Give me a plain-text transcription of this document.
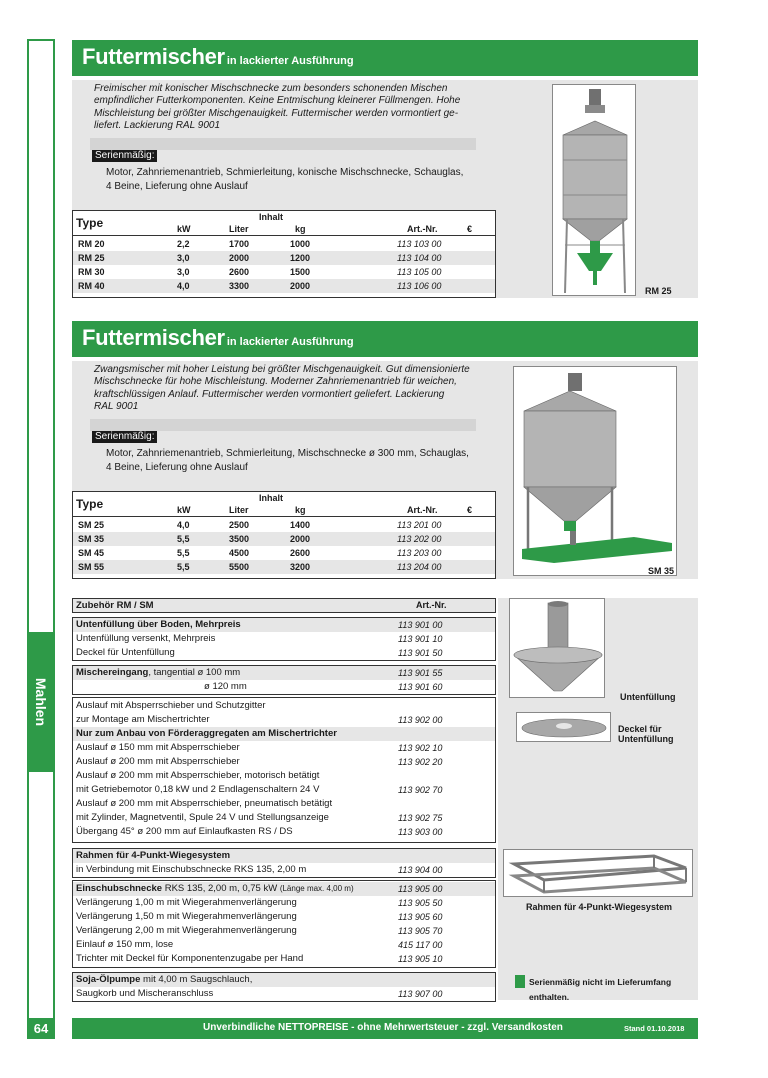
Mahlen
64
Futtermischer in lackierter Ausführung
Freimischer mit konischer Mischschnecke zum besonders schonenden Mischen
empfindlicher Futterkomponenten. Keine Entmischung kleinerer Füllmengen. Hohe
Mischleistung bei größter Mischgenauigkeit. Futtermischer werden vormontiert ge-
liefert. Lackierung RAL 9001
Serienmäßig:
Motor, Zahnriemenantrieb, Schmierleitung, konische Mischschnecke, Schauglas,
4 Beine, Lieferung ohne Auslauf
Type	Inhalt
kW	Liter	kg	Art.-Nr.	€
RM 20	2,2	1700	1000	113 103 00
RM 25	3,0	2000	1200	113 104 00
RM 30	3,0	2600	1500	113 105 00
RM 40	4,0	3300	2000	113 106 00	RM 25
Futtermischer in lackierter Ausführung
Zwangsmischer mit hoher Leistung bei größter Mischgenauigkeit. Gut dimensionierte
Mischschnecke für hohe Mischleistung. Moderner Zahnriemenantrieb für weichen,
kraftschlüssigen Anlauf. Futtermischer werden vormontiert geliefert. Lackierung
RAL 9001
Serienmäßig:
Motor, Zahnriemenantrieb, Schmierleitung, Mischschnecke ø 300 mm, Schauglas,
4 Beine, Lieferung ohne Auslauf
Type	Inhalt
kW	Liter	kg	Art.-Nr.	€
SM 25	4,0	2500	1400	113 201 00
SM 35	5,5	3500	2000	113 202 00
SM 45	5,5	4500	2600	113 203 00
SM 55	5,5	5500	3200	113 204 00	SM 35
Zubehör RM / SM	Art.-Nr.
Untenfüllung über Boden, Mehrpreis	113 901 00
Untenfüllung versenkt, Mehrpreis	113 901 10
Deckel für Untenfüllung	113 901 50
Mischereingang, tangential ø 100 mm	113 901 55
ø 120 mm	113 901 60
Auslauf mit Absperrschieber und Schutzgitter
zur Montage am Mischertrichter	113 902 00
Nur zum Anbau von Förderaggregaten am Mischertrichter
Auslauf ø 150 mm mit Absperrschieber	113 902 10
Auslauf ø 200 mm mit Absperrschieber	113 902 20
Auslauf ø 200 mm mit Absperrschieber, motorisch betätigt
mit Getriebemotor 0,18 kW und 2 Endlagenschaltern 24 V	113 902 70
Auslauf ø 200 mm mit Absperrschieber, pneumatisch betätigt
mit Zylinder, Magnetventil, Spule 24 V und Stellungsanzeige	113 902 75
Übergang 45° ø 200 mm auf Einlaufkasten RS / DS	113 903 00
Rahmen für 4-Punkt-Wiegesystem
in Verbindung mit Einschubschnecke RKS 135, 2,00 m	113 904 00
Einschubschnecke RKS 135, 2,00 m, 0,75 kW (Länge max. 4,00 m)	113 905 00
Verlängerung 1,00 m mit Wiegerahmenverlängerung	113 905 50
Verlängerung 1,50 m mit Wiegerahmenverlängerung	113 905 60
Verlängerung 2,00 m mit Wiegerahmenverlängerung	113 905 70
Einlauf ø 150 mm, lose	415 117 00
Trichter mit Deckel für Komponentenzugabe per Hand	113 905 10
Soja-Ölpumpe mit 4,00 m Saugschlauch,
Saugkorb und Mischeranschluss	113 907 00
Untenfüllung
Deckel für
Untenfüllung
Rahmen für 4-Punkt-Wiegesystem
Serienmäßig nicht im Lieferumfang
enthalten.
Unverbindliche NETTOPREISE - ohne Mehrwertsteuer - zzgl. Versandkosten	Stand 01.10.2018
